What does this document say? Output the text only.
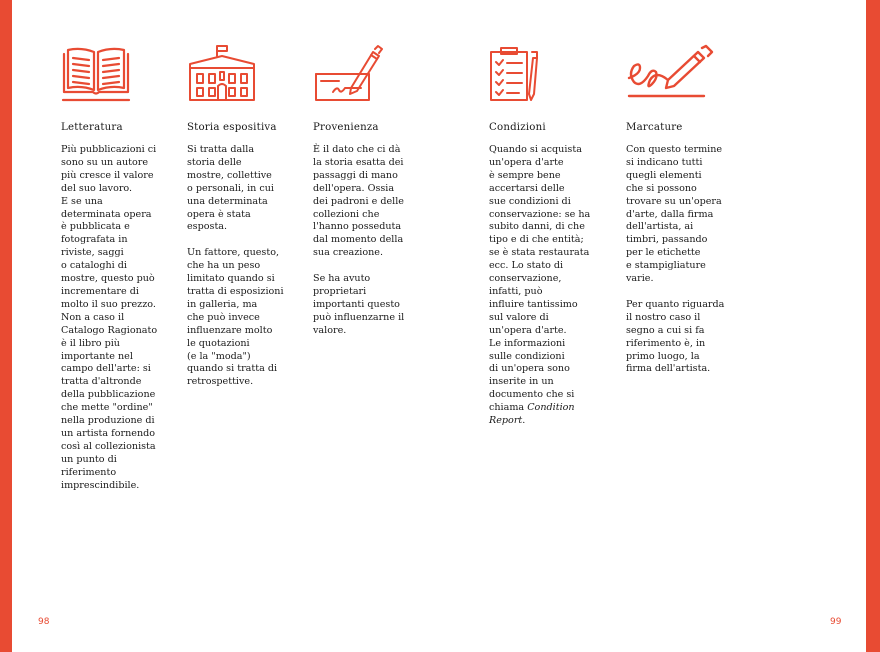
Letteratura
Più pubblicazioni ci
sono su un autore
più cresce il valore
del suo lavoro.
E se una
determinata opera
è pubblicata e
fotografata in
riviste, saggi
o cataloghi di
mostre, questo può
incrementare di
molto il suo prezzo.
Non a caso il
Catalogo Ragionato
è il libro più
importante nel
campo dell'arte: si
tratta d'altronde
della pubblicazione
che mette "ordine"
nella produzione di
un artista fornendo
così al collezionista
un punto di
riferimento
imprescindibile.
Storia espositiva
Si tratta dalla
storia delle
mostre, collettive
o personali, in cui
una determinata
opera è stata
esposta.

Un fattore, questo,
che ha un peso
limitato quando si
tratta di esposizioni
in galleria, ma
che può invece
influenzare molto
le quotazioni
(e la "moda")
quando si tratta di
retrospettive.
Provenienza
È il dato che ci dà
la storia esatta dei
passaggi di mano
dell'opera. Ossia
dei padroni e delle
collezioni che
l'hanno posseduta
dal momento della
sua creazione.

Se ha avuto
proprietari
importanti questo
può influenzarne il
valore.
Condizioni
Quando si acquista
un'opera d'arte
è sempre bene
accertarsi delle
sue condizioni di
conservazione: se ha
subito danni, di che
tipo e di che entità;
se è stata restaurata
ecc. Lo stato di
conservazione,
infatti, può
influire tantissimo
sul valore di
un'opera d'arte.
Le informazioni
sulle condizioni
di un'opera sono
inserite in un
documento che si
chiama Condition
Report.
Marcature
Con questo termine
si indicano tutti
quegli elementi
che si possono
trovare su un'opera
d'arte, dalla firma
dell'artista, ai
timbri, passando
per le etichette
e stampigliature
varie.

Per quanto riguarda
il nostro caso il
segno a cui si fa
riferimento è, in
primo luogo, la
firma dell'artista.
98	99
